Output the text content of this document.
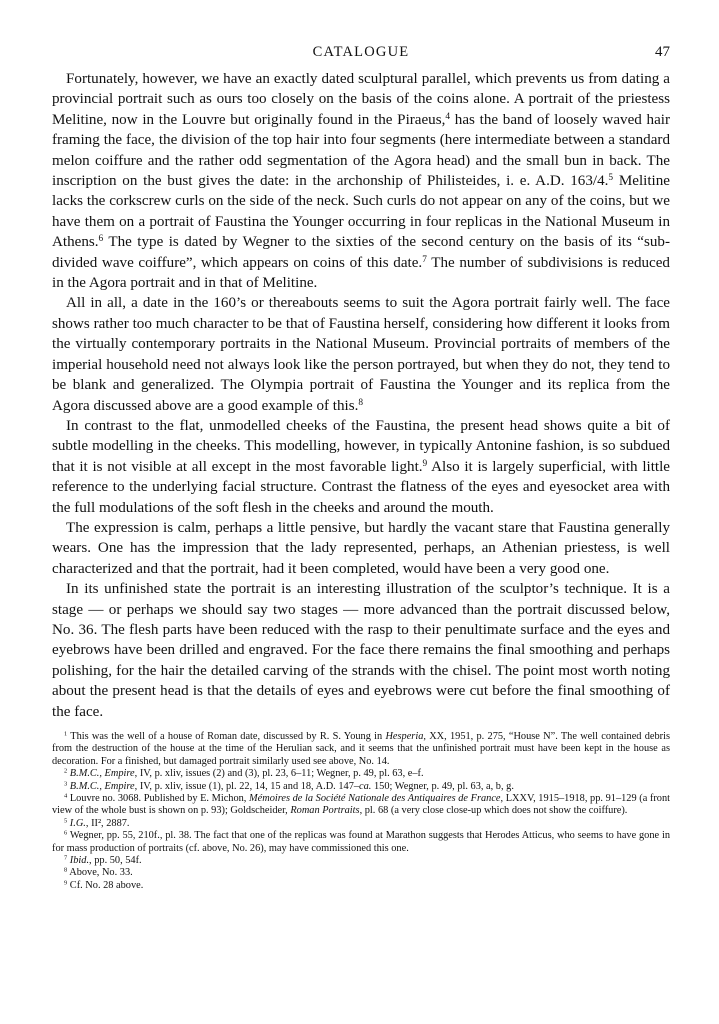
CATALOGUE	47

Fortunately, however, we have an exactly dated sculptural parallel, which prevents us from dating a provincial portrait such as ours too closely on the basis of the coins alone. A portrait of the priestess Melitine, now in the Louvre but originally found in the Piraeus,$^4$ has the band of loosely waved hair framing the face, the division of the top hair into four segments (here intermediate between a standard melon coiffure and the rather odd segmentation of the Agora head) and the small bun in back. The inscription on the bust gives the date: in the archonship of Philisteides, i. e. A.D. 163/4.$^5$ Melitine lacks the corkscrew curls on the side of the neck. Such curls do not appear on any of the coins, but we have them on a portrait of Faustina the Younger occurring in four replicas in the National Museum in Athens.$^6$ The type is dated by Wegner to the sixties of the second century on the basis of its “sub-divided wave coiffure”, which appears on coins of this date.$^7$ The number of subdivisions is reduced in the Agora portrait and in that of Melitine.

All in all, a date in the 160’s or thereabouts seems to suit the Agora portrait fairly well. The face shows rather too much character to be that of Faustina herself, considering how different it looks from the virtually contemporary portraits in the National Museum. Provincial portraits of members of the imperial household need not always look like the person portrayed, but when they do not, they tend to be blank and generalized. The Olympia portrait of Faustina the Younger and its replica from the Agora discussed above are a good example of this.$^8$

In contrast to the flat, unmodelled cheeks of the Faustina, the present head shows quite a bit of subtle modelling in the cheeks. This modelling, however, in typically Antonine fashion, is so subdued that it is not visible at all except in the most favorable light.$^9$ Also it is largely superficial, with little reference to the underlying facial structure. Contrast the flatness of the eyes and eyesocket area with the full modulations of the soft flesh in the cheeks and around the mouth.

The expression is calm, perhaps a little pensive, but hardly the vacant stare that Faustina generally wears. One has the impression that the lady represented, perhaps, an Athenian priestess, is well characterized and that the portrait, had it been completed, would have been a very good one.

In its unfinished state the portrait is an interesting illustration of the sculptor’s technique. It is a stage — or perhaps we should say two stages — more advanced than the portrait discussed below, No. 36. The flesh parts have been reduced with the rasp to their penultimate surface and the eyes and eyebrows have been drilled and engraved. For the face there remains the final smoothing and perhaps polishing, for the hair the detailed carving of the strands with the chisel. The point most worth noting about the present head is that the details of eyes and eyebrows were cut before the final smoothing of the face.

$^1$ This was the well of a house of Roman date, discussed by R. S. Young in Hesperia, XX, 1951, p. 275, “House N”. The well contained debris from the destruction of the house at the time of the Herulian sack, and it seems that the unfinished portrait must have been kept in the house as decoration. For a finished, but damaged portrait similarly used see above, No. 14.
$^2$ B.M.C., Empire, IV, p. xliv, issues (2) and (3), pl. 23, 6–11; Wegner, p. 49, pl. 63, e–f.
$^3$ B.M.C., Empire, IV, p. xliv, issue (1), pl. 22, 14, 15 and 18, A.D. 147–ca. 150; Wegner, p. 49, pl. 63, a, b, g.
$^4$ Louvre no. 3068. Published by E. Michon, Mémoires de la Société Nationale des Antiquaires de France, LXXV, 1915–1918, pp. 91–129 (a front view of the whole bust is shown on p. 93); Goldscheider, Roman Portraits, pl. 68 (a very close close-up which does not show the coiffure).
$^5$ I.G., II², 2887.
$^6$ Wegner, pp. 55, 210f., pl. 38. The fact that one of the replicas was found at Marathon suggests that Herodes Atticus, who seems to have gone in for mass production of portraits (cf. above, No. 26), may have commissioned this one.
$^7$ Ibid., pp. 50, 54f.
$^8$ Above, No. 33.
$^9$ Cf. No. 28 above.
